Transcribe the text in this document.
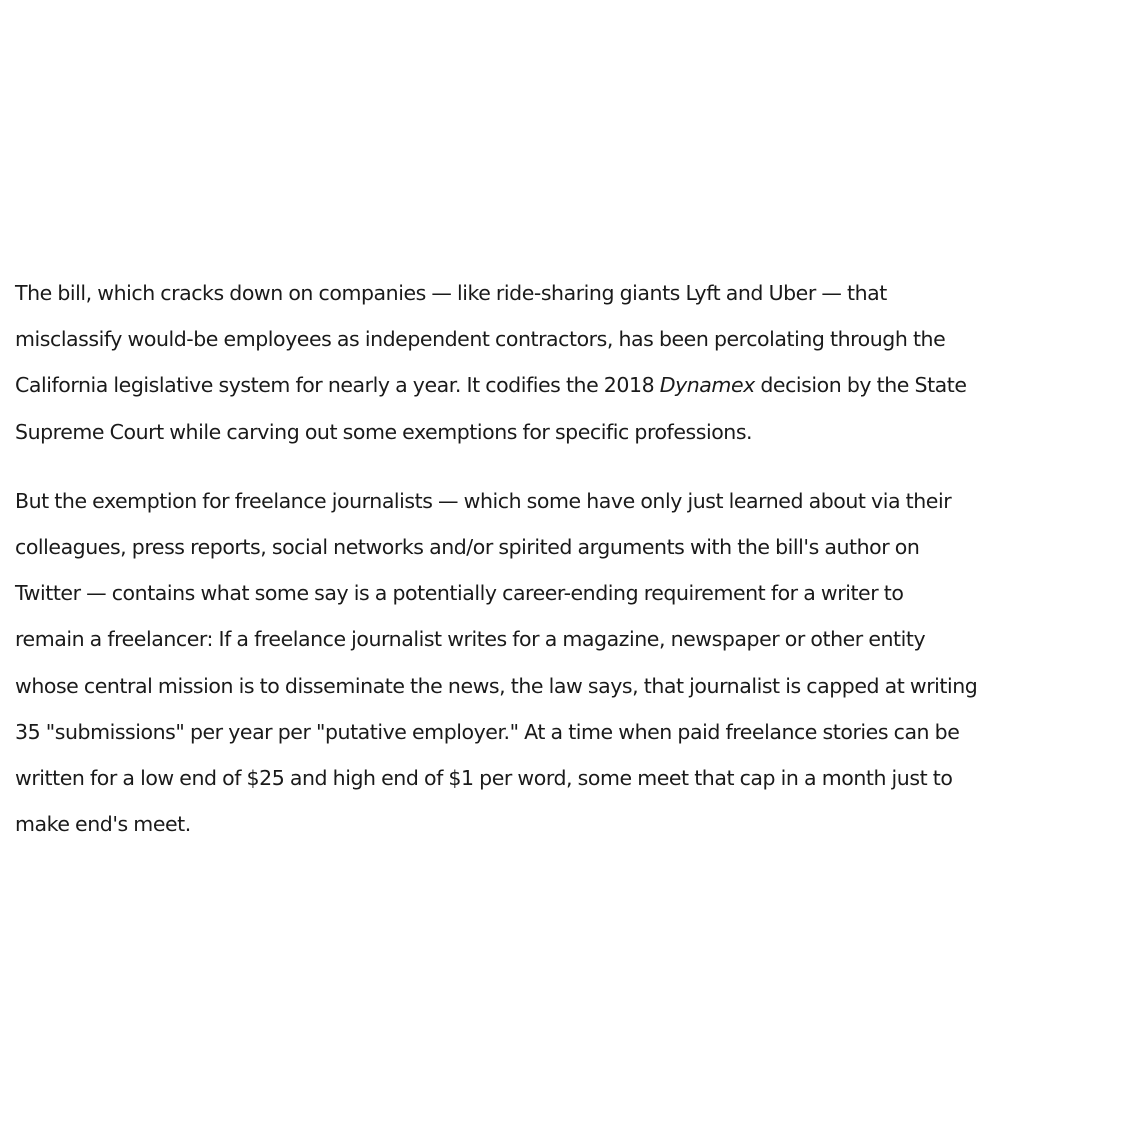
The bill, which cracks down on companies — like ride-sharing giants Lyft and Uber — that
misclassify would-be employees as independent contractors, has been percolating through the
California legislative system for nearly a year. It codifies the 2018 Dynamex decision by the State
Supreme Court while carving out some exemptions for specific professions.

But the exemption for freelance journalists — which some have only just learned about via their
colleagues, press reports, social networks and/or spirited arguments with the bill's author on
Twitter — contains what some say is a potentially career-ending requirement for a writer to
remain a freelancer: If a freelance journalist writes for a magazine, newspaper or other entity
whose central mission is to disseminate the news, the law says, that journalist is capped at writing
35 "submissions" per year per "putative employer." At a time when paid freelance stories can be
written for a low end of $25 and high end of $1 per word, some meet that cap in a month just to
make end's meet.
